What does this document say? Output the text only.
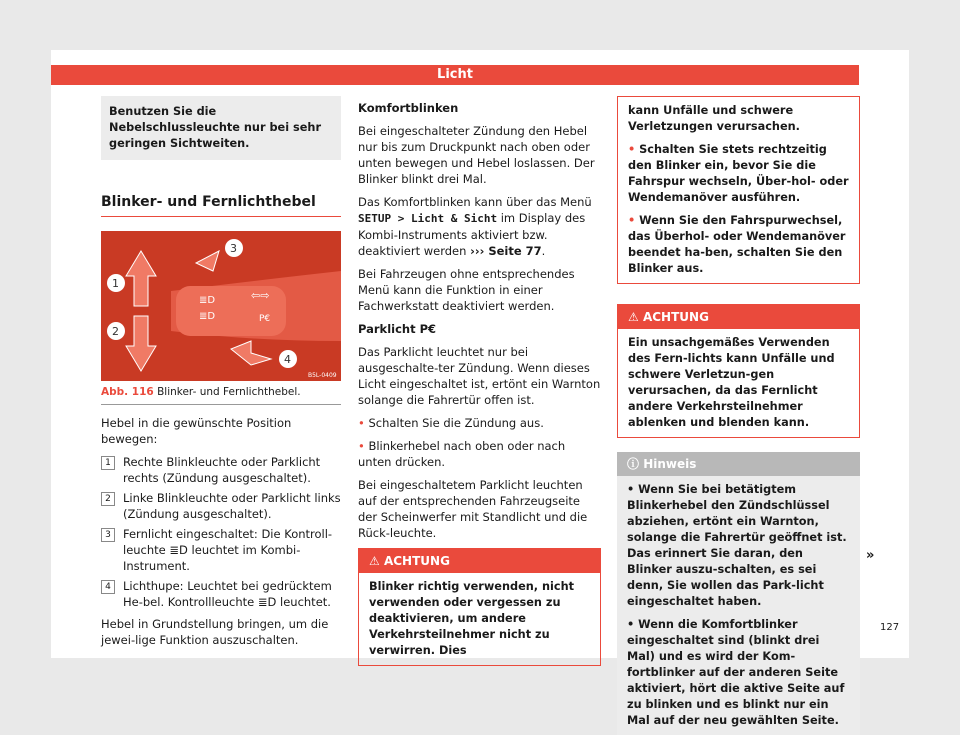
Licht
Benutzen Sie die Nebelschlussleuchte nur bei sehr geringen Sichtweiten.
Blinker- und Fernlichthebel
≣D
≣D
⇦⇨
P€
1
2
3
4
B5L-0409
Abb. 116 Blinker- und Fernlichthebel.

Hebel in die gewünschte Position bewegen:

1	Rechte Blinkleuchte oder Parklicht rechts (Zündung ausgeschaltet).
2	Linke Blinkleuchte oder Parklicht links (Zündung ausgeschaltet).
3	Fernlicht eingeschaltet: Die Kontroll-leuchte ≣D leuchtet im Kombi-Instrument.
4	Lichthupe: Leuchtet bei gedrücktem He-bel. Kontrollleuchte ≣D leuchtet.

Hebel in Grundstellung bringen, um die jewei-lige Funktion auszuschalten.

Komfortblinken

Bei eingeschalteter Zündung den Hebel nur bis zum Druckpunkt nach oben oder unten bewegen und Hebel loslassen. Der Blinker blinkt drei Mal.

Das Komfortblinken kann über das Menü SETUP > Licht & Sicht im Display des Kombi-Instruments aktiviert bzw. deaktiviert werden ››› Seite 77.

Bei Fahrzeugen ohne entsprechendes Menü kann die Funktion in einer Fachwerkstatt deaktiviert werden.

Parklicht P€

Das Parklicht leuchtet nur bei ausgeschalte-ter Zündung. Wenn dieses Licht eingeschaltet ist, ertönt ein Warnton solange die Fahrertür offen ist.

• Schalten Sie die Zündung aus.

• Blinkerhebel nach oben oder nach unten drücken.

Bei eingeschaltetem Parklicht leuchten auf der entsprechenden Fahrzeugseite der Scheinwerfer mit Standlicht und die Rück-leuchte.

⚠ ACHTUNG
Blinker richtig verwenden, nicht verwenden oder vergessen zu deaktivieren, um andere Verkehrsteilnehmer nicht zu verwirren. Dies

kann Unfälle und schwere Verletzungen verursachen.

• Schalten Sie stets rechtzeitig den Blinker ein, bevor Sie die Fahrspur wechseln, Über-hol- oder Wendemanöver ausführen.

• Wenn Sie den Fahrspurwechsel, das Überhol- oder Wendemanöver beendet ha-ben, schalten Sie den Blinker aus.

⚠ ACHTUNG
Ein unsachgemäßes Verwenden des Fern-lichts kann Unfälle und schwere Verletzun-gen verursachen, da das Fernlicht andere Verkehrsteilnehmer ablenken und blenden kann.
ⓘ Hinweis

• Wenn Sie bei betätigtem Blinkerhebel den Zündschlüssel abziehen, ertönt ein Warnton, solange die Fahrertür geöffnet ist. Das erinnert Sie daran, den Blinker auszu-schalten, es sei denn, Sie wollen das Park-licht eingeschaltet haben.

• Wenn die Komfortblinker eingeschaltet sind (blinkt drei Mal) und es wird der Kom-fortblinker auf der anderen Seite aktiviert, hört die aktive Seite auf zu blinken und es blinkt nur ein Mal auf der neu gewählten Seite.

»
127
